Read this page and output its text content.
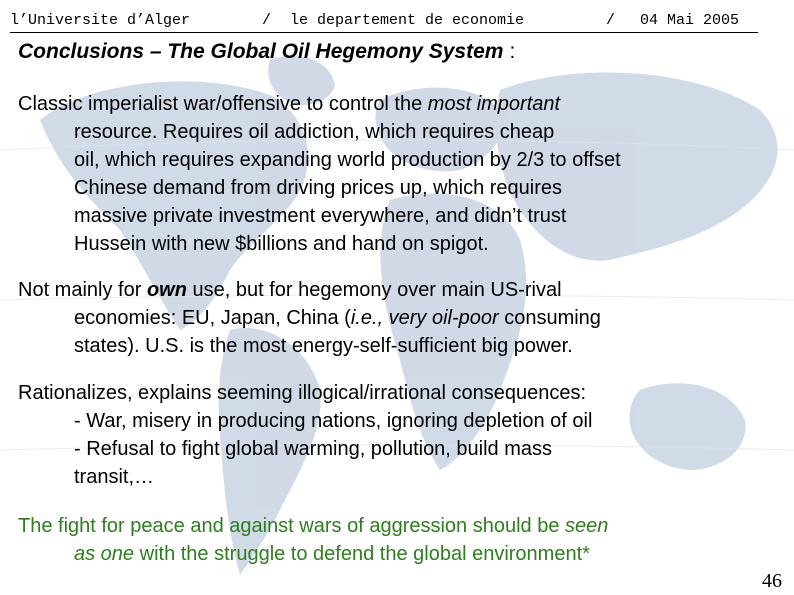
l’Universite d’Alger	/ le departement de economie	/ 04 Mai 2005
Conclusions – The Global Oil Hegemony System :
Classic imperialist war/offensive to control the most important
resource. Requires oil addiction, which requires cheap
oil, which requires expanding world production by 2/3 to offset
Chinese demand from driving prices up, which requires
massive private investment everywhere, and didn’t trust
Hussein with new $billions and hand on spigot.
Not mainly for own use, but for hegemony over main US-rival
economies: EU, Japan, China (i.e., very oil-poor consuming
states). U.S. is the most energy-self-sufficient big power.
Rationalizes, explains seeming illogical/irrational consequences:
- War, misery in producing nations, ignoring depletion of oil
- Refusal to fight global warming, pollution, build mass
transit,…
The fight for peace and against wars of aggression should be seen
as one with the struggle to defend the global environment*
46
